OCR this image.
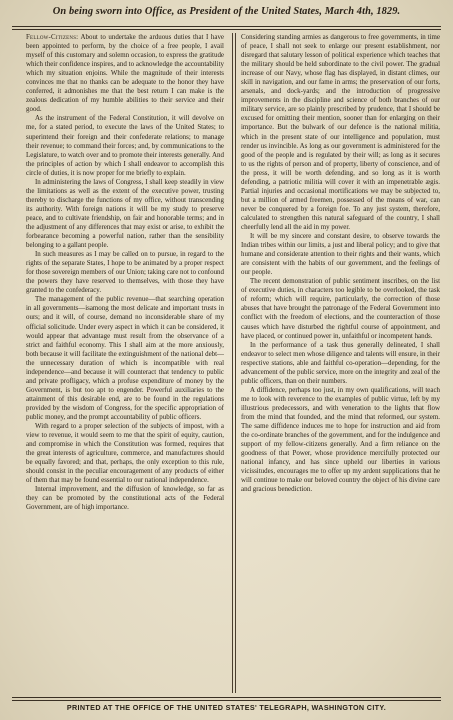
On being sworn into Office, as President of the United States, March 4th, 1829.

Fellow-Citizens: About to undertake the arduous duties that I have been appointed to perform, by the choice of a free people, I avail myself of this customary and solemn occasion, to express the gratitude which their confidence inspires, and to acknowledge the accountability which my situation enjoins. While the magnitude of their interests convinces me that no thanks can be adequate to the honor they have conferred, it admonishes me that the best return I can make is the zealous dedication of my humble abilities to their service and their good.

As the instrument of the Federal Constitution, it will devolve on me, for a stated period, to execute the laws of the United States; to superintend their foreign and their confederate relations; to manage their revenue; to command their forces; and, by communications to the Legislature, to watch over and to promote their interests generally. And the principles of action by which I shall endeavor to accomplish this circle of duties, it is now proper for me briefly to explain.

In administering the laws of Congress, I shall keep steadily in view the limitations as well as the extent of the executive power, trusting thereby to discharge the functions of my office, without transcending its authority. With foreign nations it will be my study to preserve peace, and to cultivate friendship, on fair and honorable terms; and in the adjustment of any differences that may exist or arise, to exhibit the forbearance becoming a powerful nation, rather than the sensibility belonging to a gallant people.

In such measures as I may be called on to pursue, in regard to the rights of the separate States, I hope to be animated by a proper respect for those sovereign members of our Union; taking care not to confound the powers they have reserved to themselves, with those they have granted to the confederacy.

The management of the public revenue—that searching operation in all governments—isamong the most delicate and important trusts in ours; and it will, of course, demand no inconsiderable share of my official solicitude. Under every aspect in which it can be considered, it would appear that advantage must result from the observance of a strict and faithful economy. This I shall aim at the more anxiously, both because it will facilitate the extinguishment of the national debt—the unnecessary duration of which is incompatible with real independence—and because it will counteract that tendency to public and private profligacy, which a profuse expenditure of money by the Government, is but too apt to engender. Powerful auxiliaries to the attainment of this desirable end, are to be found in the regulations provided by the wisdom of Congress, for the specific appropriation of public money, and the prompt accountability of public officers.

With regard to a proper selection of the subjects of impost, with a view to revenue, it would seem to me that the spirit of equity, caution, and compromise in which the Constitution was formed, requires that the great interests of agriculture, commerce, and manufactures should be equally favored; and that, perhaps, the only exception to this rule, should consist in the peculiar encouragement of any products of either of them that may be found essential to our national independence.

Internal improvement, and the diffusion of knowledge, so far as they can be promoted by the constitutional acts of the Federal Government, are of high importance.

Considering standing armies as dangerous to free governments, in time of peace, I shall not seek to enlarge our present establishment, nor disregard that salutary lesson of political experience which teaches that the military should be held subordinate to the civil power. The gradual increase of our Navy, whose flag has displayed, in distant climes, our skill in navigation, and our fame in arms; the preservation of our forts, arsenals, and dock-yards; and the introduction of progressive improvements in the discipline and science of both branches of our military service, are so plainly prescribed by prudence, that I should be excused for omitting their mention, sooner than for enlarging on their importance. But the bulwark of our defence is the national militia, which in the present state of our intelligence and population, must render us invincible. As long as our government is administered for the good of the people and is regulated by their will; as long as it secures to us the rights of person and of property, liberty of conscience, and of the press, it will be worth defending, and so long as it is worth defending, a patriotic militia will cover it with an impenetrable ægis. Partial injuries and occasional mortifications we may be subjected to, but a million of armed freemen, possessed of the means of war, can never be conquered by a foreign foe. To any just system, therefore, calculated to strengthen this natural safeguard of the country, I shall cheerfully lend all the aid in my power.

It will be my sincere and constant desire, to observe towards the Indian tribes within our limits, a just and liberal policy; and to give that humane and considerate attention to their rights and their wants, which are consistent with the habits of our government, and the feelings of our people.

The recent demonstration of public sentiment inscribes, on the list of executive duties, in characters too legible to be overlooked, the task of reform; which will require, particularly, the correction of those abuses that have brought the patronage of the Federal Government into conflict with the freedom of elections, and the counteraction of those causes which have disturbed the rightful course of appointment, and have placed, or continued power in, unfaithful or incompetent hands.

In the performance of a task thus generally delineated, I shall endeavor to select men whose diligence and talents will ensure, in their respective stations, able and faithful co-operation—depending, for the advancement of the public service, more on the integrity and zeal of the public officers, than on their numbers.

A diffidence, perhaps too just, in my own qualifications, will teach me to look with reverence to the examples of public virtue, left by my illustrious predecessors, and with veneration to the lights that flow from the mind that founded, and the mind that reformed, our system. The same diffidence induces me to hope for instruction and aid from the co-ordinate branches of the government, and for the indulgence and support of my fellow-citizens generally. And a firm reliance on the goodness of that Power, whose providence mercifully protected our national infancy, and has since upheld our liberties in various vicissitudes, encourages me to offer up my ardent supplications that he will continue to make our beloved country the object of his divine care and gracious benediction.

PRINTED AT THE OFFICE OF THE UNITED STATES' TELEGRAPH, WASHINGTON CITY.
